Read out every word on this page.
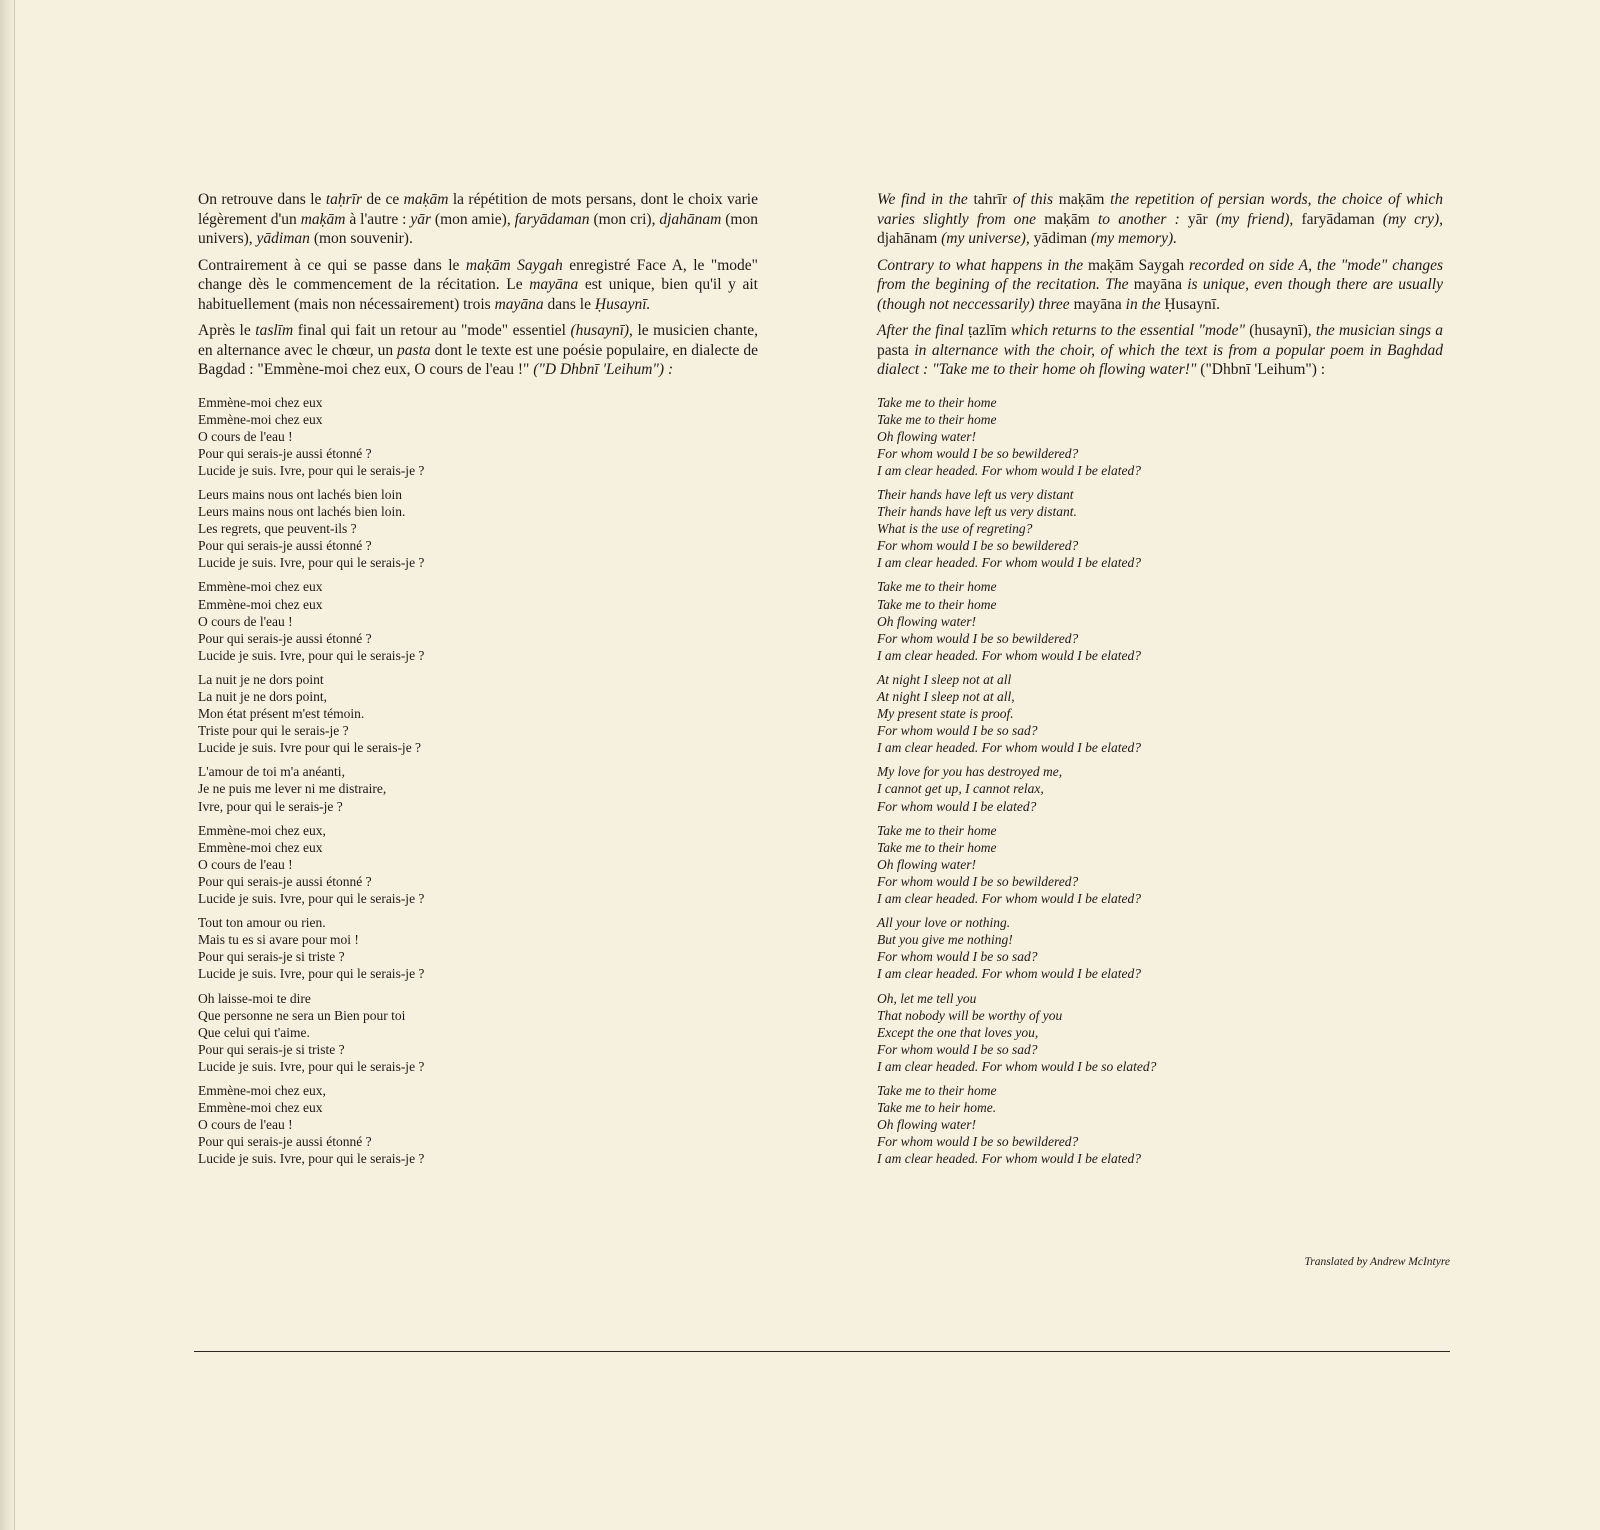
On retrouve dans le taḥrīr de ce maḳām la répétition de mots persans, dont le choix varie légèrement d'un maḳām à l'autre : yār (mon amie), faryādaman (mon cri), djahānam (mon univers), yādiman (mon souvenir).

Contrairement à ce qui se passe dans le maḳām Saygah enregistré Face A, le "mode" change dès le commencement de la récitation. Le mayāna est unique, bien qu'il y ait habituellement (mais non nécessairement) trois mayāna dans le Ḥusaynī.

Après le taslīm final qui fait un retour au "mode" essentiel (husaynī), le musicien chante, en alternance avec le chœur, un pasta dont le texte est une poésie populaire, en dialecte de Bagdad : "Emmène-moi chez eux, O cours de l'eau !" ("D Dhbnī 'Leihum") :

Emmène-moi chez eux
Emmène-moi chez eux
O cours de l'eau !
Pour qui serais-je aussi étonné ?
Lucide je suis. Ivre, pour qui le serais-je ?
Leurs mains nous ont lachés bien loin
Leurs mains nous ont lachés bien loin.
Les regrets, que peuvent-ils ?
Pour qui serais-je aussi étonné ?
Lucide je suis. Ivre, pour qui le serais-je ?
Emmène-moi chez eux
Emmène-moi chez eux
O cours de l'eau !
Pour qui serais-je aussi étonné ?
Lucide je suis. Ivre, pour qui le serais-je ?
La nuit je ne dors point
La nuit je ne dors point,
Mon état présent m'est témoin.
Triste pour qui le serais-je ?
Lucide je suis. Ivre pour qui le serais-je ?
L'amour de toi m'a anéanti,
Je ne puis me lever ni me distraire,
Ivre, pour qui le serais-je ?
Emmène-moi chez eux,
Emmène-moi chez eux
O cours de l'eau !
Pour qui serais-je aussi étonné ?
Lucide je suis. Ivre, pour qui le serais-je ?
Tout ton amour ou rien.
Mais tu es si avare pour moi !
Pour qui serais-je si triste ?
Lucide je suis. Ivre, pour qui le serais-je ?
Oh laisse-moi te dire
Que personne ne sera un Bien pour toi
Que celui qui t'aime.
Pour qui serais-je si triste ?
Lucide je suis. Ivre, pour qui le serais-je ?
Emmène-moi chez eux,
Emmène-moi chez eux
O cours de l'eau !
Pour qui serais-je aussi étonné ?
Lucide je suis. Ivre, pour qui le serais-je ?

We find in the tahrīr of this maḳām the repetition of persian words, the choice of which varies slightly from one maḳām to another : yār (my friend), faryādaman (my cry), djahānam (my universe), yādiman (my memory).

Contrary to what happens in the maḳām Saygah recorded on side A, the "mode" changes from the begining of the recitation. The mayāna is unique, even though there are usually (though not neccessarily) three mayāna in the Ḥusaynī.

After the final ṭazlīm which returns to the essential "mode" (husaynī), the musician sings a pasta in alternance with the choir, of which the text is from a popular poem in Baghdad dialect : "Take me to their home oh flowing water!" ("Dhbnī 'Leihum") :

Take me to their home
Take me to their home
Oh flowing water!
For whom would I be so bewildered?
I am clear headed. For whom would I be elated?
Their hands have left us very distant
Their hands have left us very distant.
What is the use of regreting?
For whom would I be so bewildered?
I am clear headed. For whom would I be elated?
Take me to their home
Take me to their home
Oh flowing water!
For whom would I be so bewildered?
I am clear headed. For whom would I be elated?
At night I sleep not at all
At night I sleep not at all,
My present state is proof.
For whom would I be so sad?
I am clear headed. For whom would I be elated?
My love for you has destroyed me,
I cannot get up, I cannot relax,
For whom would I be elated?
Take me to their home
Take me to their home
Oh flowing water!
For whom would I be so bewildered?
I am clear headed. For whom would I be elated?
All your love or nothing.
But you give me nothing!
For whom would I be so sad?
I am clear headed. For whom would I be elated?
Oh, let me tell you
That nobody will be worthy of you
Except the one that loves you,
For whom would I be so sad?
I am clear headed. For whom would I be so elated?
Take me to their home
Take me to heir home.
Oh flowing water!
For whom would I be so bewildered?
I am clear headed. For whom would I be elated?
Translated by Andrew McIntyre
